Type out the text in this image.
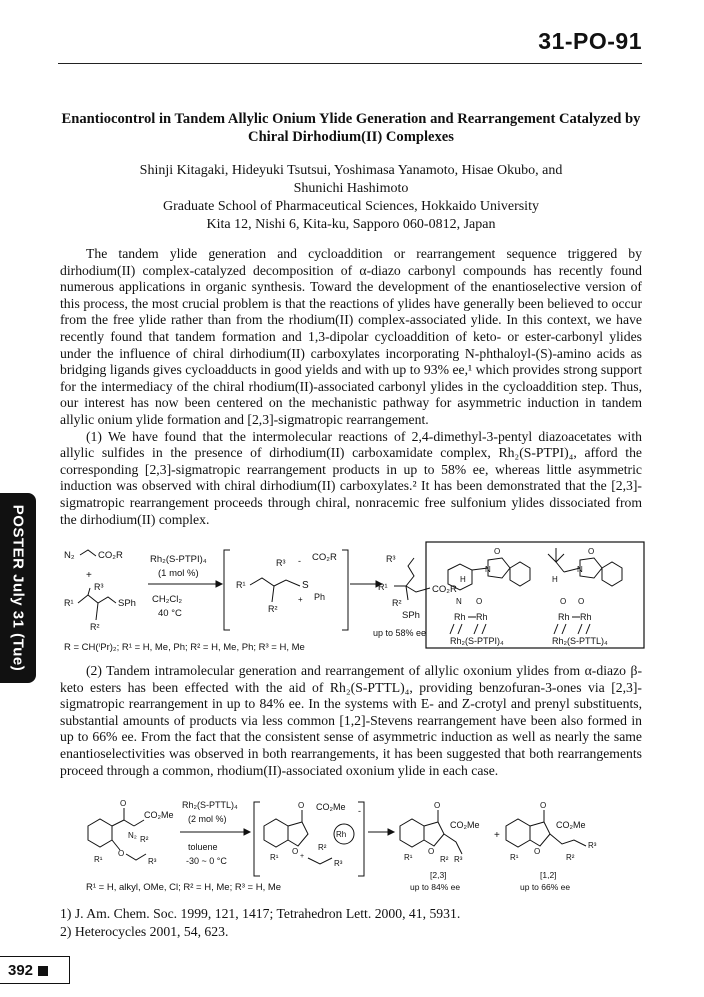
31-PO-91
Enantiocontrol in Tandem Allylic Onium Ylide Generation and Rearrangement Catalyzed by Chiral Dirhodium(II) Complexes
Shinji Kitagaki, Hideyuki Tsutsui, Yoshimasa Yanamoto, Hisae Okubo, and
Shunichi Hashimoto
Graduate School of Pharmaceutical Sciences, Hokkaido University
Kita 12, Nishi 6, Kita-ku, Sapporo 060-0812, Japan

The tandem ylide generation and cycloaddition or rearrangement sequence triggered by dirhodium(II) complex-catalyzed decomposition of α-diazo carbonyl compounds has recently found numerous applications in organic synthesis. Toward the development of the enantioselective version of this process, the most crucial problem is that the reactions of ylides have generally been believed to occur from the free ylide rather than from the rhodium(II) complex-associated ylide. In this context, we have recently found that tandem formation and 1,3-dipolar cycloaddition of keto- or ester-carbonyl ylides under the influence of chiral dirhodium(II) carboxylates incorporating N-phthaloyl-(S)-amino acids as bridging ligands gives cycloadducts in good yields and with up to 93% ee,¹ which provides strong support for the intermediacy of the chiral rhodium(II)-associated carbonyl ylides in the cycloaddition step. Thus, our interest has now been centered on the mechanistic pathway for asymmetric induction in tandem allylic onium ylide formation and [2,3]-sigmatropic rearrangement.

(1) We have found that the intermolecular reactions of 2,4-dimethyl-3-pentyl diazoacetates with allylic sulfides in the presence of dirhodium(II) carboxamidate complex, Rh₂(S-PTPI)₄, afford the corresponding [2,3]-sigmatropic rearrangement products in up to 58% ee, whereas little asymmetric induction was observed with chiral dirhodium(II) carboxylates.² It has been demonstrated that the [2,3]-sigmatropic rearrangement proceeds through chiral, nonracemic free sulfonium ylides dissociated from the dirhodium(II) complex.

N₂ CO₂R
+
R³
R¹	SPh
R²
Rh₂(S-PTPI)₄
(1 mol %)
CH₂Cl₂
40 °C
R¹
R²
R³
S
+ Ph
- CO₂R	R³
R¹	CO₂R
R²
SPh
up to 58% ee
R = CH(ⁱPr)₂; R¹ = H, Me, Ph; R² = H, Me, Ph; R³ = H, Me
H
N
O
N O
Rh Rh
Rh₂(S-PTPI)₄
H
N
O
O O
Rh Rh
Rh₂(S-PTTL)₄

(2) Tandem intramolecular generation and rearrangement of allylic oxonium ylides from α-diazo β-keto esters has been effected with the aid of Rh₂(S-PTTL)₄, providing benzofuran-3-ones via [2,3]-sigmatropic rearrangement in up to 84% ee. In the systems with E- and Z-crotyl and prenyl substituents, substantial amounts of products via less common [1,2]-Stevens rearrangement have been also formed in up to 66% ee. From the fact that the consistent sense of asymmetric induction as well as nearly the same enantioselectivities was observed in both rearrangements, it has been suggested that both rearrangements proceed through a common, rhodium(II)-associated oxonium ylide in each case.

O
CO₂Me
N₂ R²
O
R³
R¹
Rh₂(S-PTTL)₄
(2 mol %)
toluene
-30 ~ 0 °C
O
O
+
CO₂Me
Rh
R²
R³
R¹
-
O
CO₂Me
O
R² R³
R¹
[2,3]
up to 84% ee
+
O
CO₂Me
O
R³
R²
R¹
[1,2]
up to 66% ee
R¹ = H, alkyl, OMe, Cl; R² = H, Me; R³ = H, Me
1) J. Am. Chem. Soc. 1999, 121, 1417; Tetrahedron Lett. 2000, 41, 5931.
2) Heterocycles 2001, 54, 623.
POSTER July 31 (Tue)
392
